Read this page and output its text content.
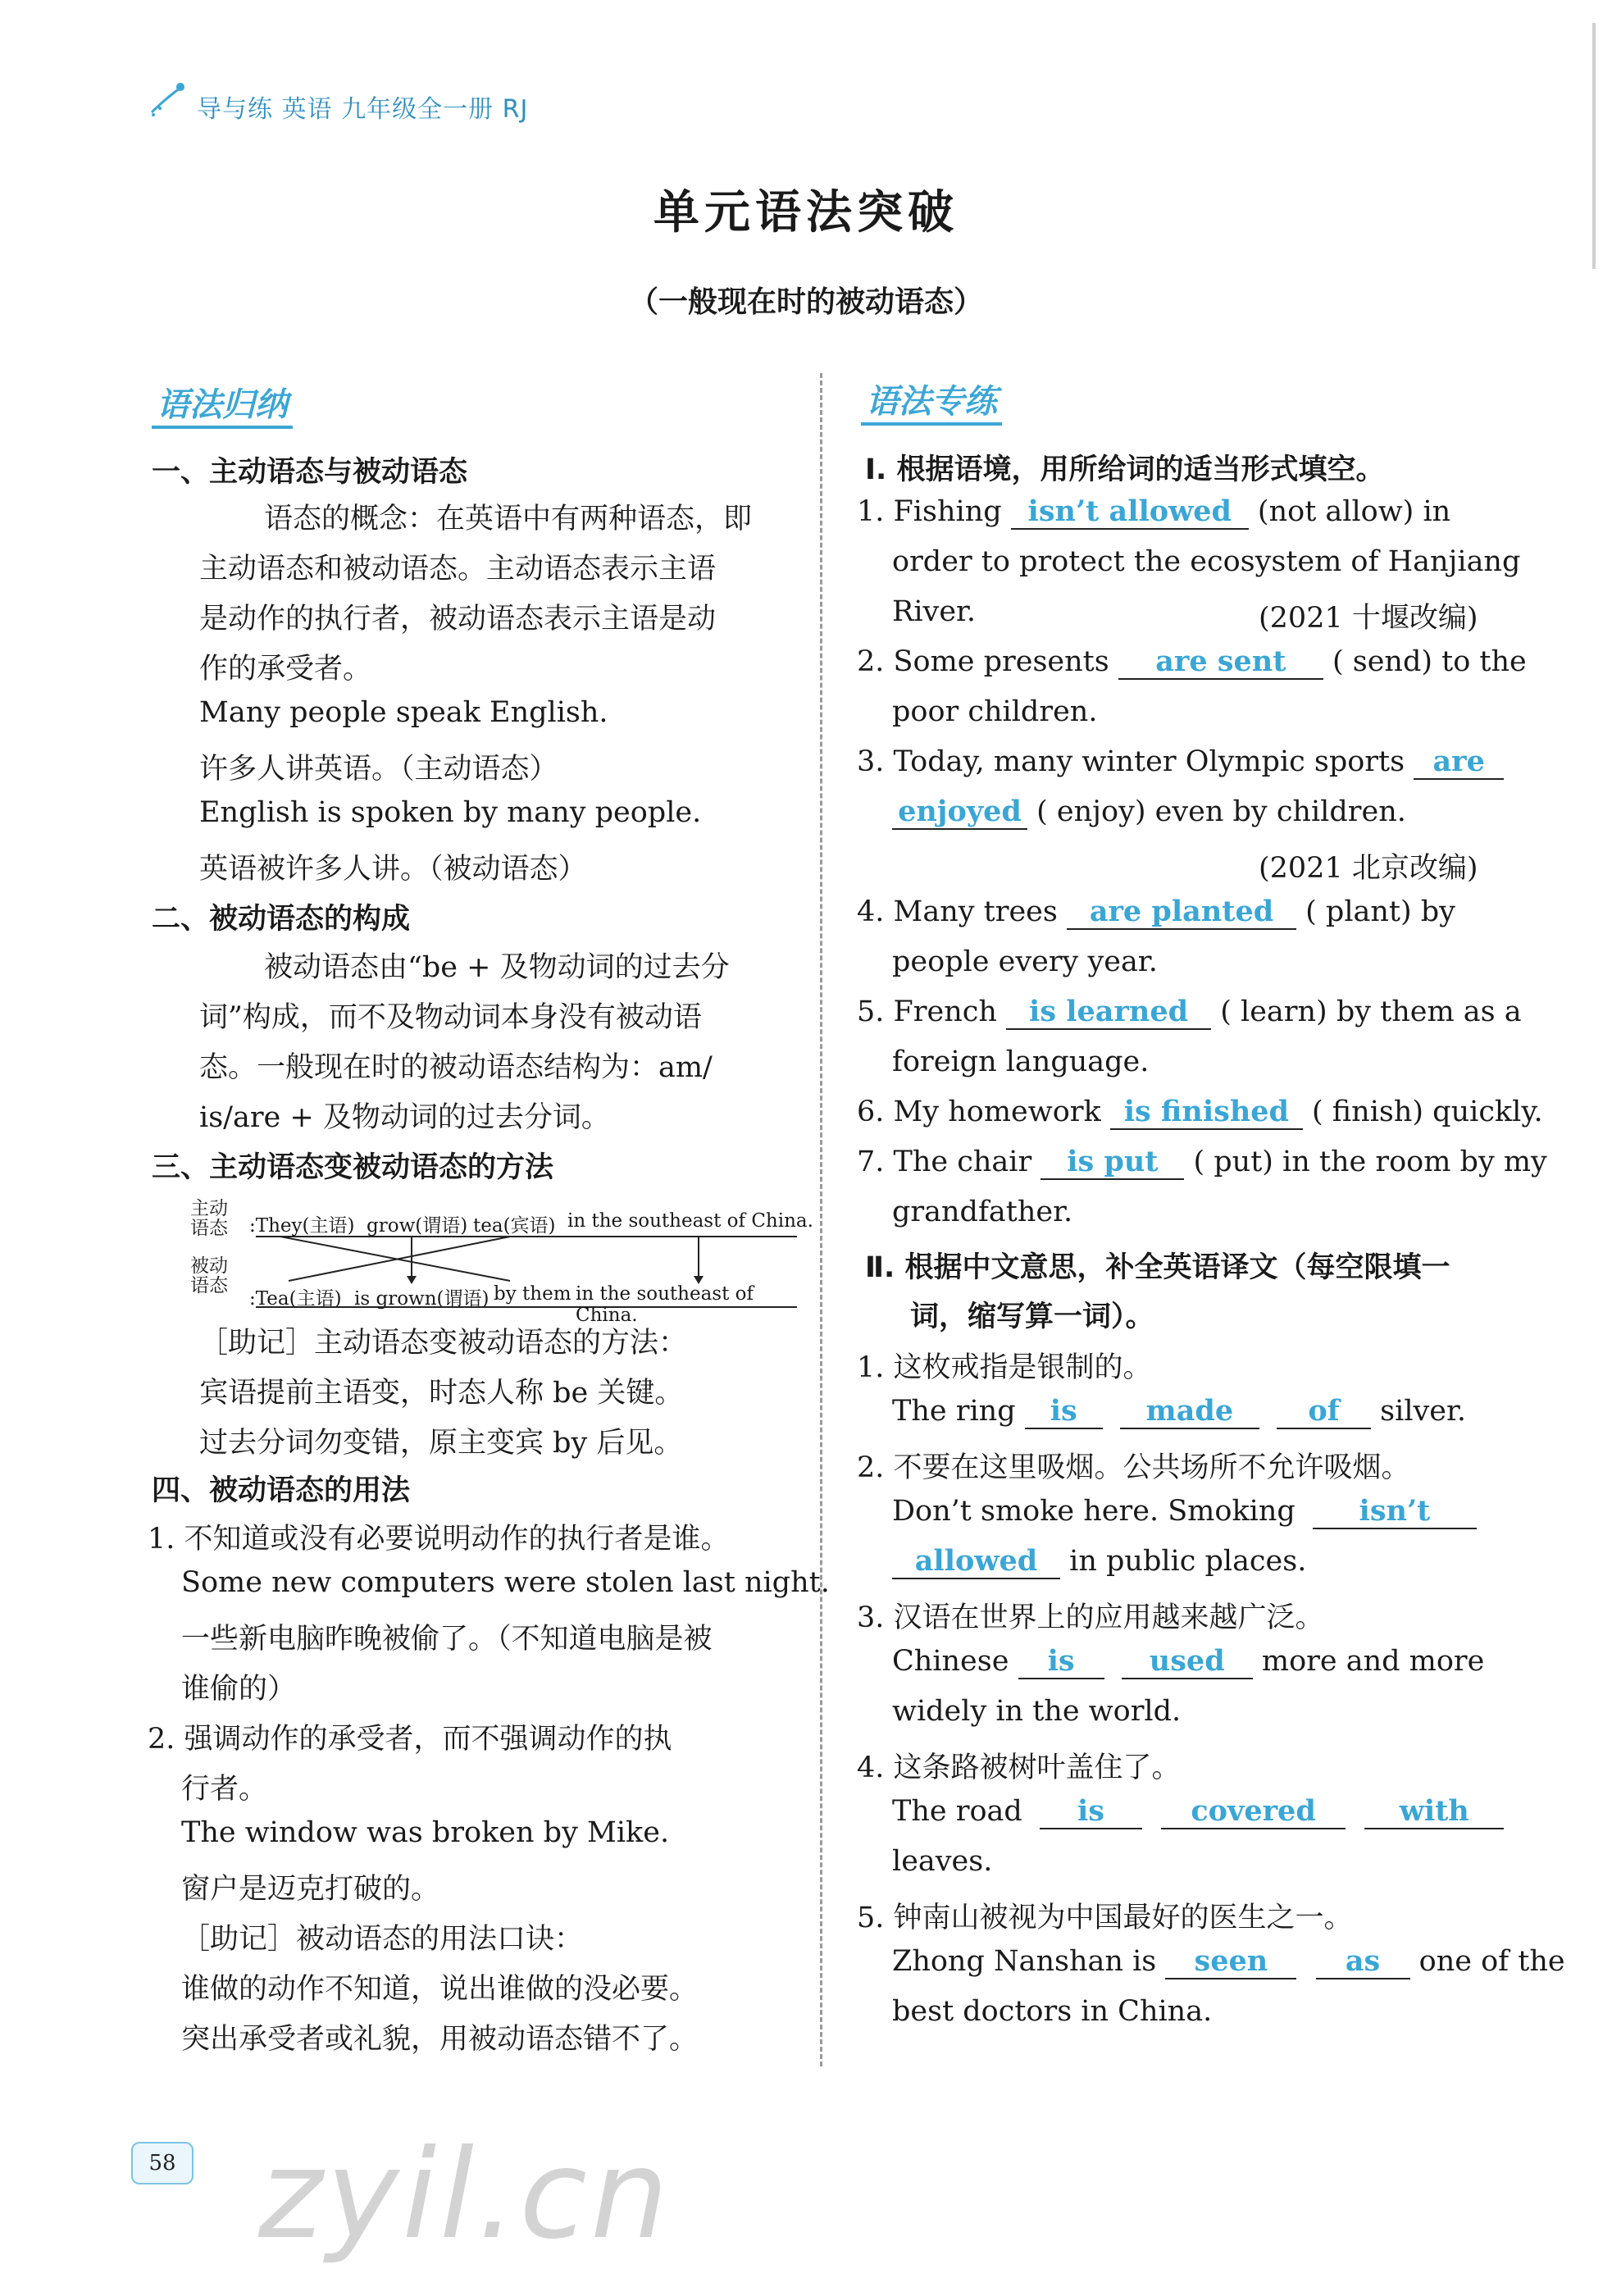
导与练 英语 九年级全一册 RJ
单元语法突破
（一般现在时的被动语态）
语法归纳
一、主动语态与被动语态
语态的概念：在英语中有两种语态，即
主动语态和被动语态。主动语态表示主语
是动作的执行者，被动语态表示主语是动
作的承受者。
Many people speak English.
许多人讲英语。（主动语态）
English is spoken by many people.
英语被许多人讲。（被动语态）
二、被动语态的构成
被动语态由“be + 及物动词的过去分
词”构成，而不及物动词本身没有被动语
态。一般现在时的被动语态结构为：am/
is/are + 及物动词的过去分词。
三、主动语态变被动语态的方法
主动
语态 :They(主语) grow(谓语) tea(宾语) in the southeast of China.
被动
语态
:Tea(主语) is grown(谓语) by them in the southeast of China.
［助记］主动语态变被动语态的方法：
宾语提前主语变，时态人称 be 关键。
过去分词勿变错，原主变宾 by 后见。
四、被动语态的用法
1. 不知道或没有必要说明动作的执行者是谁。
Some new computers were stolen last night.
一些新电脑昨晚被偷了。（不知道电脑是被
谁偷的）
2. 强调动作的承受者，而不强调动作的执
行者。
The window was broken by Mike.
窗户是迈克打破的。
［助记］被动语态的用法口诀：
谁做的动作不知道，说出谁做的没必要。
突出承受者或礼貌，用被动语态错不了。
语法专练
Ⅰ. 根据语境，用所给词的适当形式填空。
1. Fishing isn’t allowed (not allow) in
order to protect the ecosystem of Hanjiang
River.	(2021 十堰改编)
2. Some presents are sent ( send) to the
poor children.
3. Today, many winter Olympic sports are
enjoyed ( enjoy) even by children.
(2021 北京改编)
4. Many trees are planted ( plant) by
people every year.
5. French is learned ( learn) by them as a
foreign language.
6. My homework is finished ( finish) quickly.
7. The chair is put ( put) in the room by my
grandfather.
Ⅱ. 根据中文意思，补全英语译文（每空限填一
词，缩写算一词）。
1. 这枚戒指是银制的。
The ring is made	of silver.
2. 不要在这里吸烟。公共场所不允许吸烟。
Don’t smoke here. Smoking isn’t
allowed in public places.
3. 汉语在世界上的应用越来越广泛。
Chinese is	used more and more
widely in the world.
4. 这条路被树叶盖住了。
The road is	covered	with
leaves.
5. 钟南山被视为中国最好的医生之一。
Zhong Nanshan is seen	as one of the
best doctors in China.
58 zyil.cn
